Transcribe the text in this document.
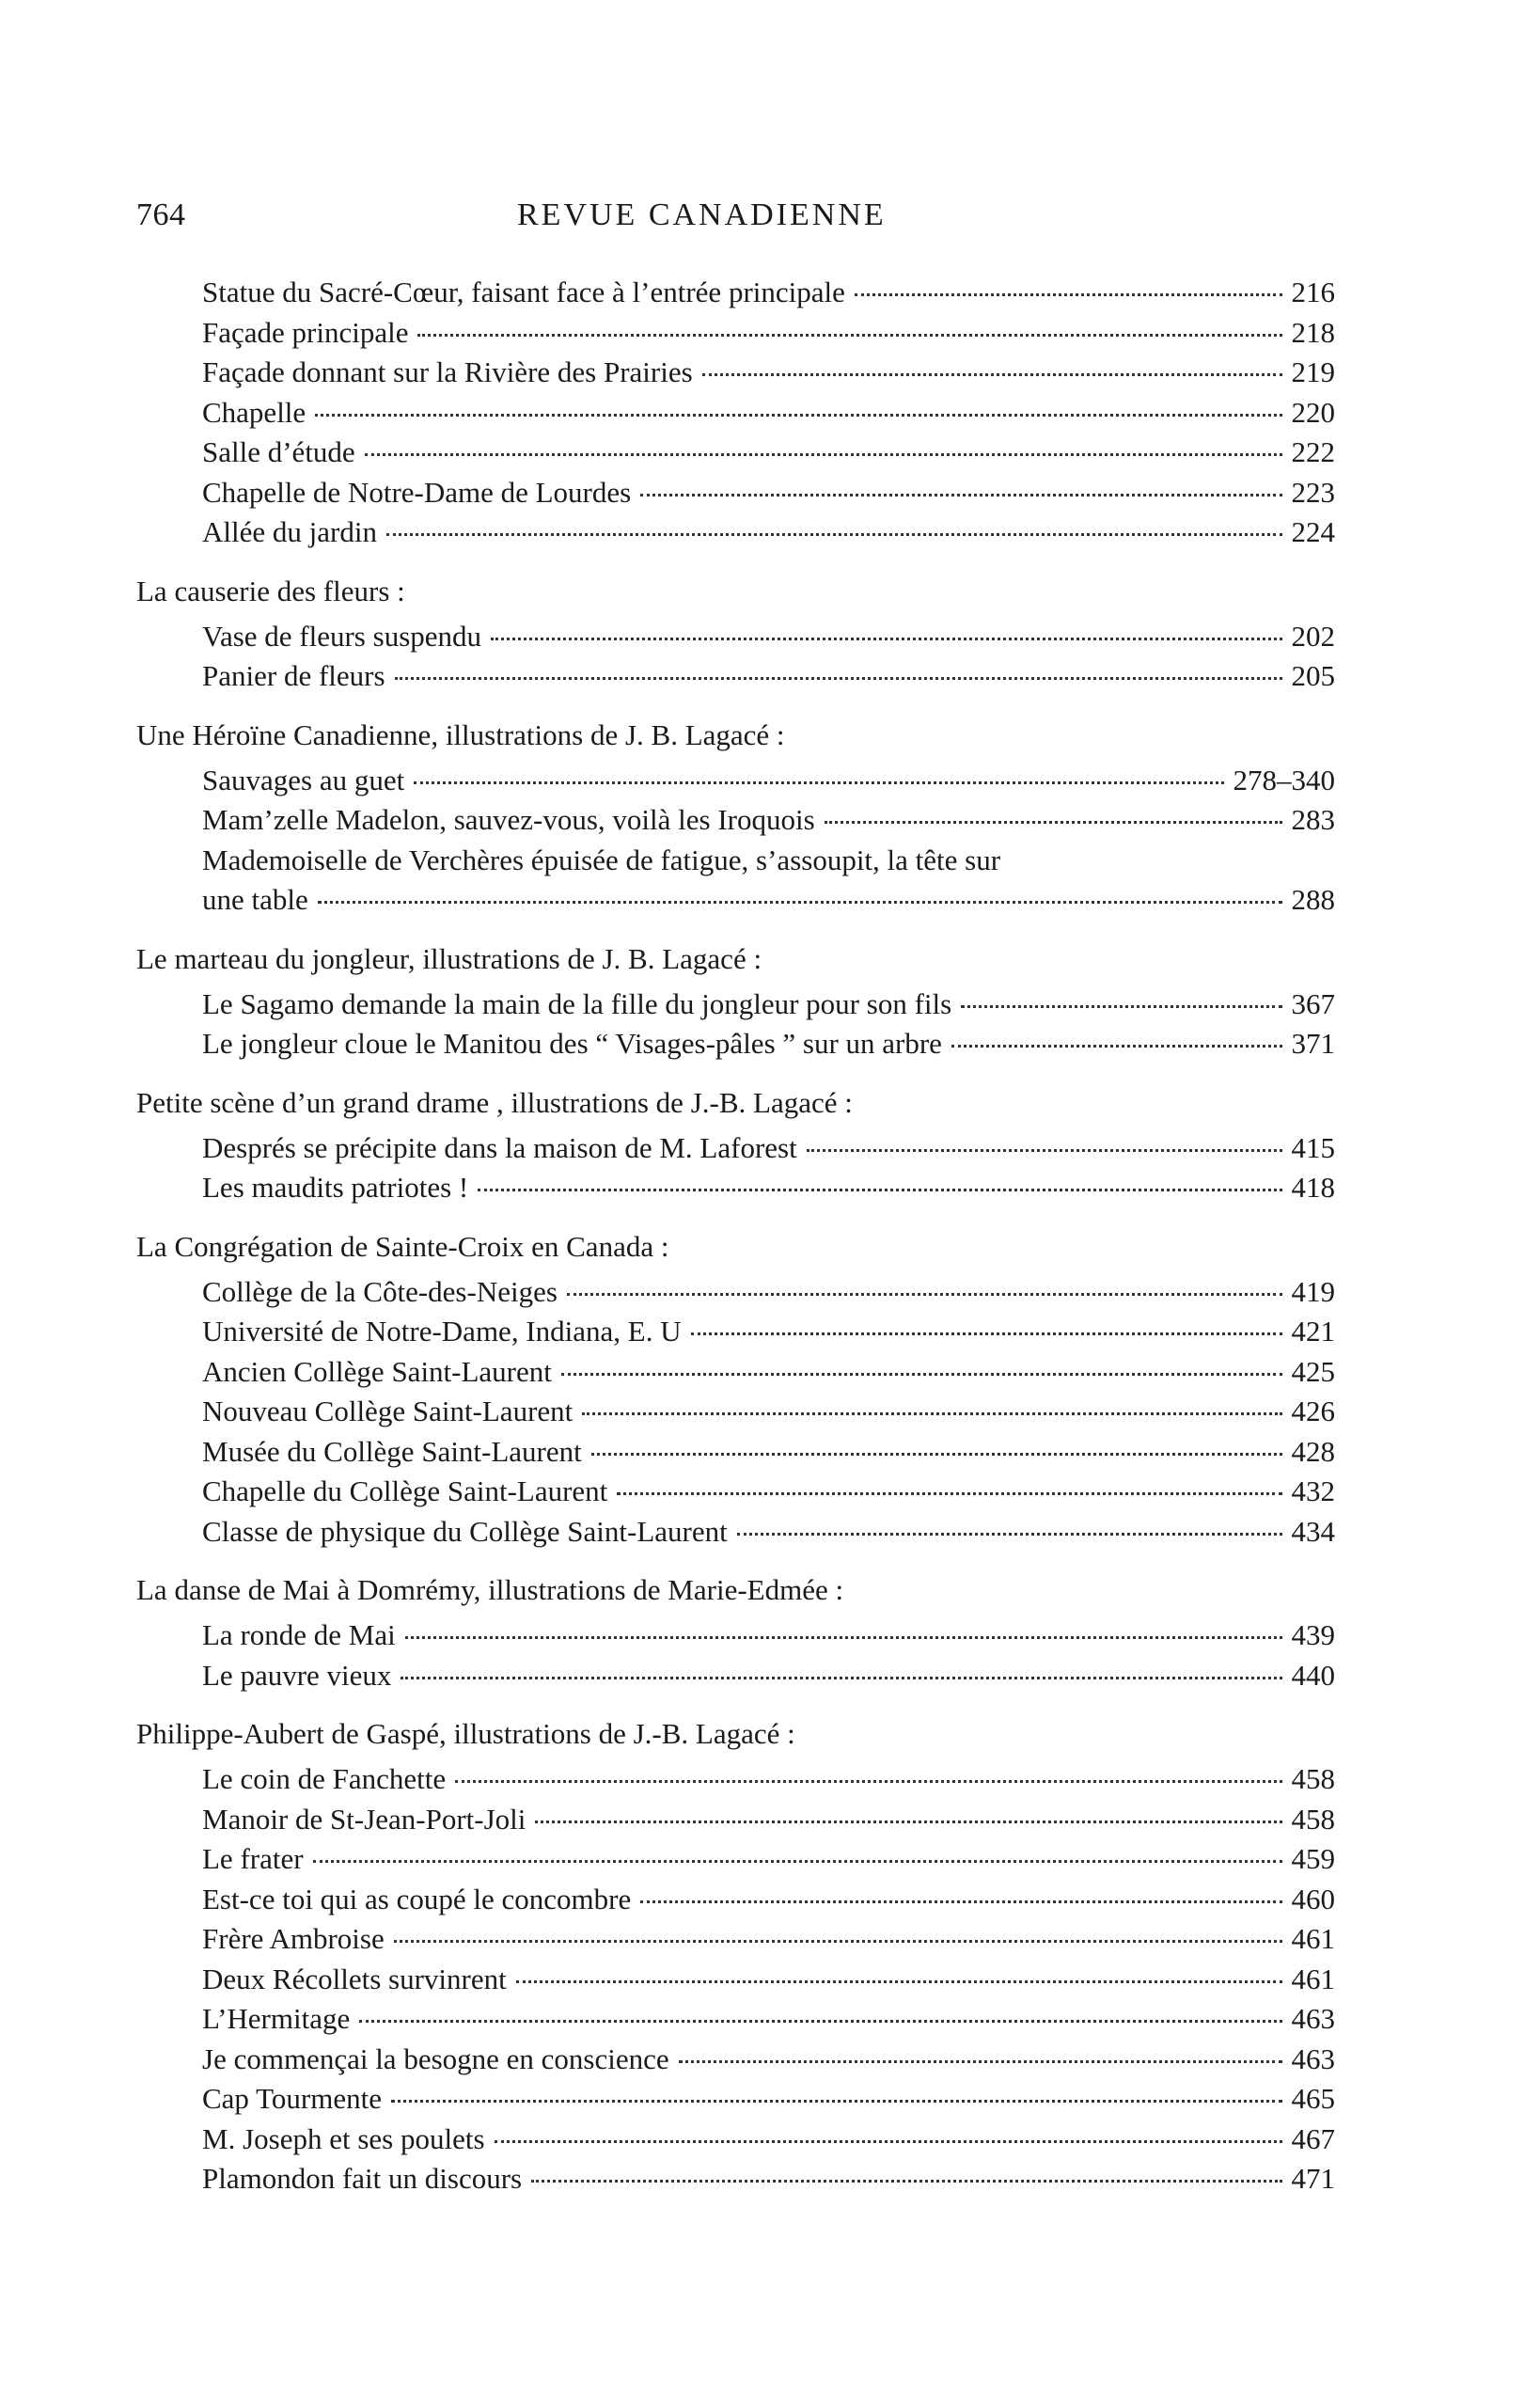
764	REVUE CANADIENNE
Statue du Sacré-Cœur, faisant face à l’entrée principale	216
Façade principale	218
Façade donnant sur la Rivière des Prairies	219
Chapelle	220
Salle d’étude	222
Chapelle de Notre-Dame de Lourdes	223
Allée du jardin	224
La causerie des fleurs :
Vase de fleurs suspendu	202
Panier de fleurs	205
Une Héroïne Canadienne, illustrations de J. B. Lagacé :
Sauvages au guet	278–340
Mam’zelle Madelon, sauvez-vous, voilà les Iroquois	283
Mademoiselle de Verchères épuisée de fatigue, s’assoupit, la tête sur
une table	288
Le marteau du jongleur, illustrations de J. B. Lagacé :
Le Sagamo demande la main de la fille du jongleur pour son fils	367
Le jongleur cloue le Manitou des “ Visages-pâles ” sur un arbre	371
Petite scène d’un grand drame , illustrations de J.-B. Lagacé :
Després se précipite dans la maison de M. Laforest	415
Les maudits patriotes !	418
La Congrégation de Sainte-Croix en Canada :
Collège de la Côte-des-Neiges	419
Université de Notre-Dame, Indiana, E. U	421
Ancien Collège Saint-Laurent	425
Nouveau Collège Saint-Laurent	426
Musée du Collège Saint-Laurent	428
Chapelle du Collège Saint-Laurent	432
Classe de physique du Collège Saint-Laurent	434
La danse de Mai à Domrémy, illustrations de Marie-Edmée :
La ronde de Mai	439
Le pauvre vieux	440
Philippe-Aubert de Gaspé, illustrations de J.-B. Lagacé :
Le coin de Fanchette	458
Manoir de St-Jean-Port-Joli	458
Le frater	459
Est-ce toi qui as coupé le concombre	460
Frère Ambroise	461
Deux Récollets survinrent	461
L’Hermitage	463
Je commençai la besogne en conscience	463
Cap Tourmente	465
M. Joseph et ses poulets	467
Plamondon fait un discours	471
